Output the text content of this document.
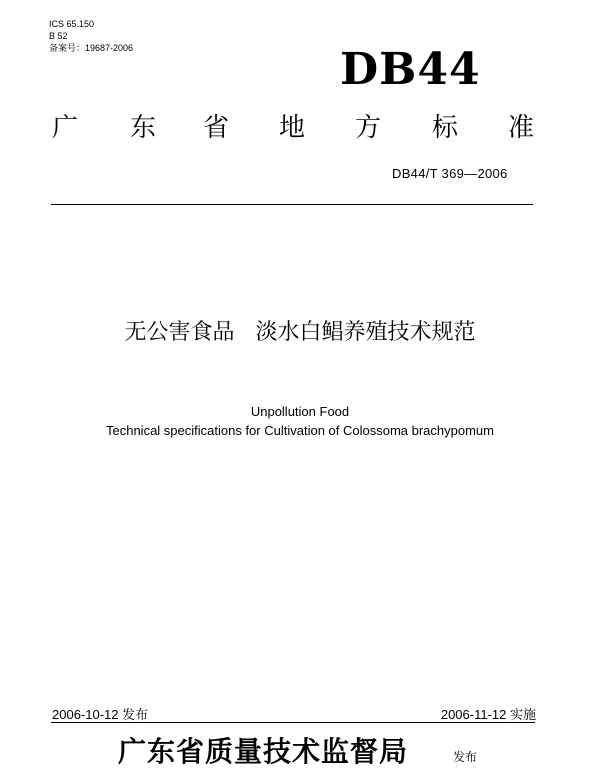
ICS 65.150
B 52
备案号：19687-2006	DB44
广 东 省 地 方 标 准
DB44/T 369—2006
无公害食品   淡水白鲳养殖技术规范
Unpollution Food
Technical specifications for Cultivation of Colossoma brachypomum
2006-10-12 发布	2006-11-12 实施
广东省质量技术监督局	发布
